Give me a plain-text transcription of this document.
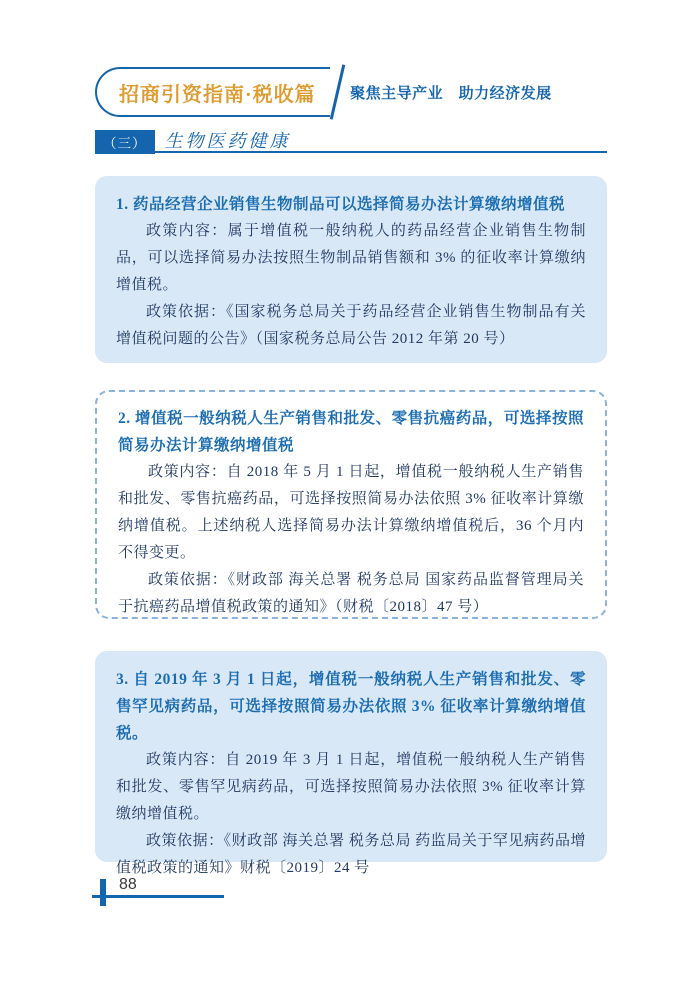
招商引资指南·税收篇 聚焦主导产业　助力经济发展
（三）	生物医药健康
1. 药品经营企业销售生物制品可以选择简易办法计算缴纳增值税

政策内容：属于增值税一般纳税人的药品经营企业销售生物制品，可以选择简易办法按照生物制品销售额和 3% 的征收率计算缴纳增值税。

政策依据：《国家税务总局关于药品经营企业销售生物制品有关增值税问题的公告》（国家税务总局公告 2012 年第 20 号）

2. 增值税一般纳税人生产销售和批发、零售抗癌药品，可选择按照简易办法计算缴纳增值税

政策内容：自 2018 年 5 月 1 日起，增值税一般纳税人生产销售和批发、零售抗癌药品，可选择按照简易办法依照 3% 征收率计算缴纳增值税。上述纳税人选择简易办法计算缴纳增值税后，36 个月内不得变更。

政策依据：《财政部 海关总署 税务总局 国家药品监督管理局关于抗癌药品增值税政策的通知》（财税〔2018〕47 号）

3. 自 2019 年 3 月 1 日起，增值税一般纳税人生产销售和批发、零售罕见病药品，可选择按照简易办法依照 3% 征收率计算缴纳增值税。

政策内容：自 2019 年 3 月 1 日起，增值税一般纳税人生产销售和批发、零售罕见病药品，可选择按照简易办法依照 3% 征收率计算缴纳增值税。

政策依据：《财政部 海关总署 税务总局 药监局关于罕见病药品增值税政策的通知》财税〔2019〕24 号

88
